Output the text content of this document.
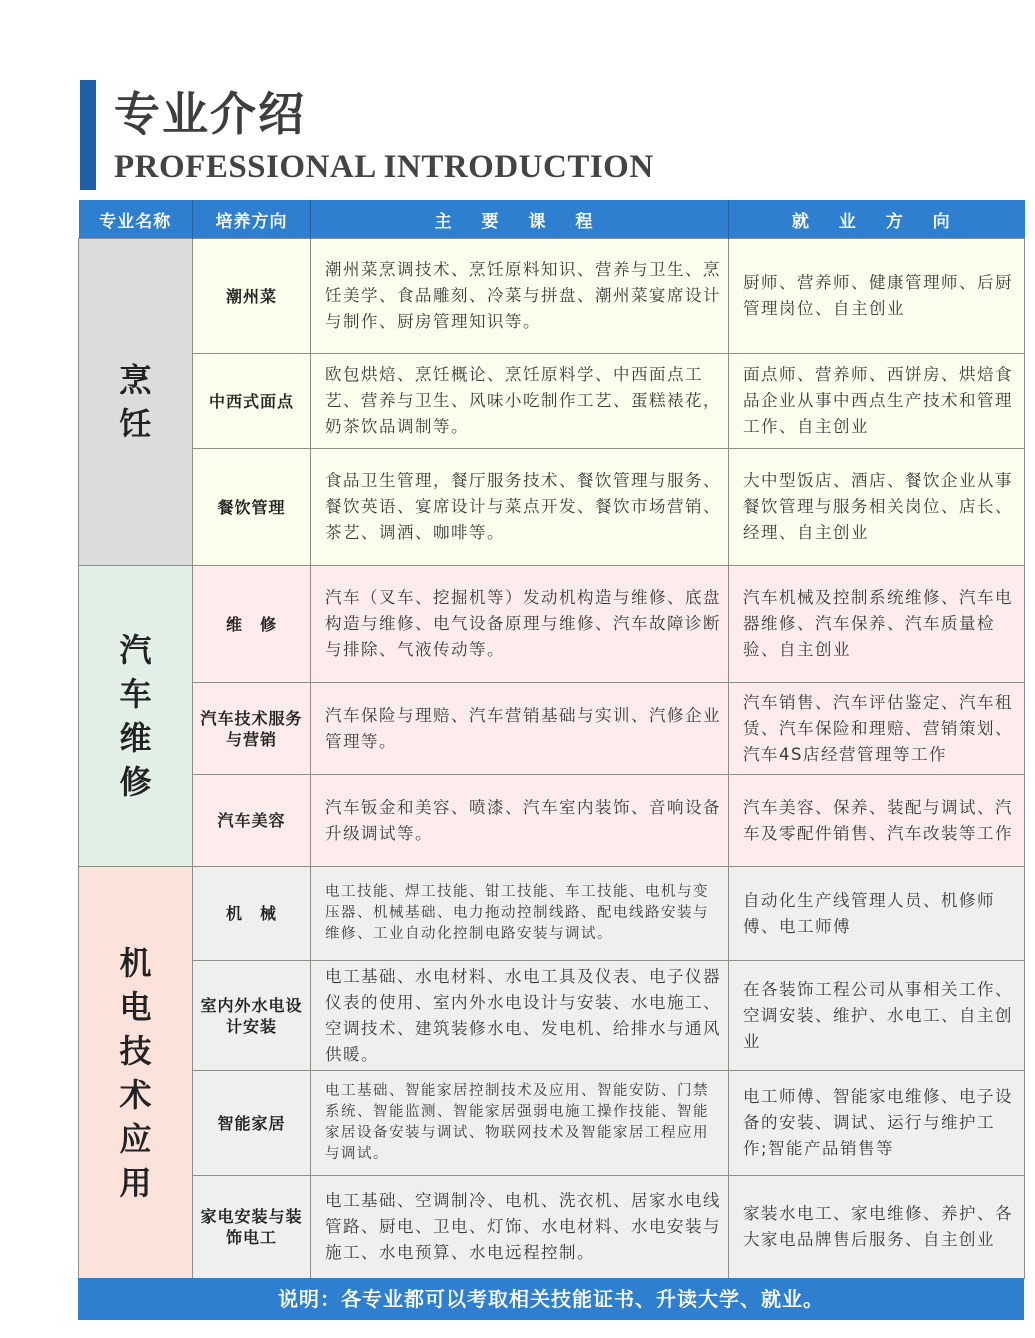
专业介绍
PROFESSIONAL INTRODUCTION
专业名称	培养方向	主 要 课 程	就 业 方 向
烹饪	潮州菜	潮州菜烹调技术、烹饪原料知识、营养与卫生、烹饪美学、食品雕刻、冷菜与拼盘、潮州菜宴席设计与制作、厨房管理知识等。	厨师、营养师、健康管理师、后厨管理岗位、自主创业
	中西式面点	欧包烘焙、烹饪概论、烹饪原料学、中西面点工艺、营养与卫生、风味小吃制作工艺、蛋糕裱花，奶茶饮品调制等。	面点师、营养师、西饼房、烘焙食品企业从事中西点生产技术和管理工作、自主创业
	餐饮管理	食品卫生管理，餐厅服务技术、餐饮管理与服务、餐饮英语、宴席设计与菜点开发、餐饮市场营销、茶艺、调酒、咖啡等。	大中型饭店、酒店、餐饮企业从事餐饮管理与服务相关岗位、店长、经理、自主创业
汽车维修	维　修	汽车（叉车、挖掘机等）发动机构造与维修、底盘构造与维修、电气设备原理与维修、汽车故障诊断与排除、气液传动等。	汽车机械及控制系统维修、汽车电器维修、汽车保养、汽车质量检验、自主创业
	汽车技术服务与营销	汽车保险与理赔、汽车营销基础与实训、汽修企业管理等。	汽车销售、汽车评估鉴定、汽车租赁、汽车保险和理赔、营销策划、汽车4S店经营管理等工作
	汽车美容	汽车钣金和美容、喷漆、汽车室内装饰、音响设备升级调试等。	汽车美容、保养、装配与调试、汽车及零配件销售、汽车改装等工作
机电技术应用	机　械	电工技能、焊工技能、钳工技能、车工技能、电机与变压器、机械基础、电力拖动控制线路、配电线路安装与维修、工业自动化控制电路安装与调试。	自动化生产线管理人员、机修师傅、电工师傅
	室内外水电设计安装	电工基础、水电材料、水电工具及仪表、电子仪器仪表的使用、室内外水电设计与安装、水电施工、空调技术、建筑装修水电、发电机、给排水与通风供暖。	在各装饰工程公司从事相关工作、空调安装、维护、水电工、自主创业
	智能家居	电工基础、智能家居控制技术及应用、智能安防、门禁系统、智能监测、智能家居强弱电施工操作技能、智能家居设备安装与调试、物联网技术及智能家居工程应用与调试。	电工师傅、智能家电维修、电子设备的安装、调试、运行与维护工作;智能产品销售等
	家电安装与装饰电工	电工基础、空调制冷、电机、洗衣机、居家水电线管路、厨电、卫电、灯饰、水电材料、水电安装与施工、水电预算、水电远程控制。	家装水电工、家电维修、养护、各大家电品牌售后服务、自主创业
说明：各专业都可以考取相关技能证书、升读大学、就业。
